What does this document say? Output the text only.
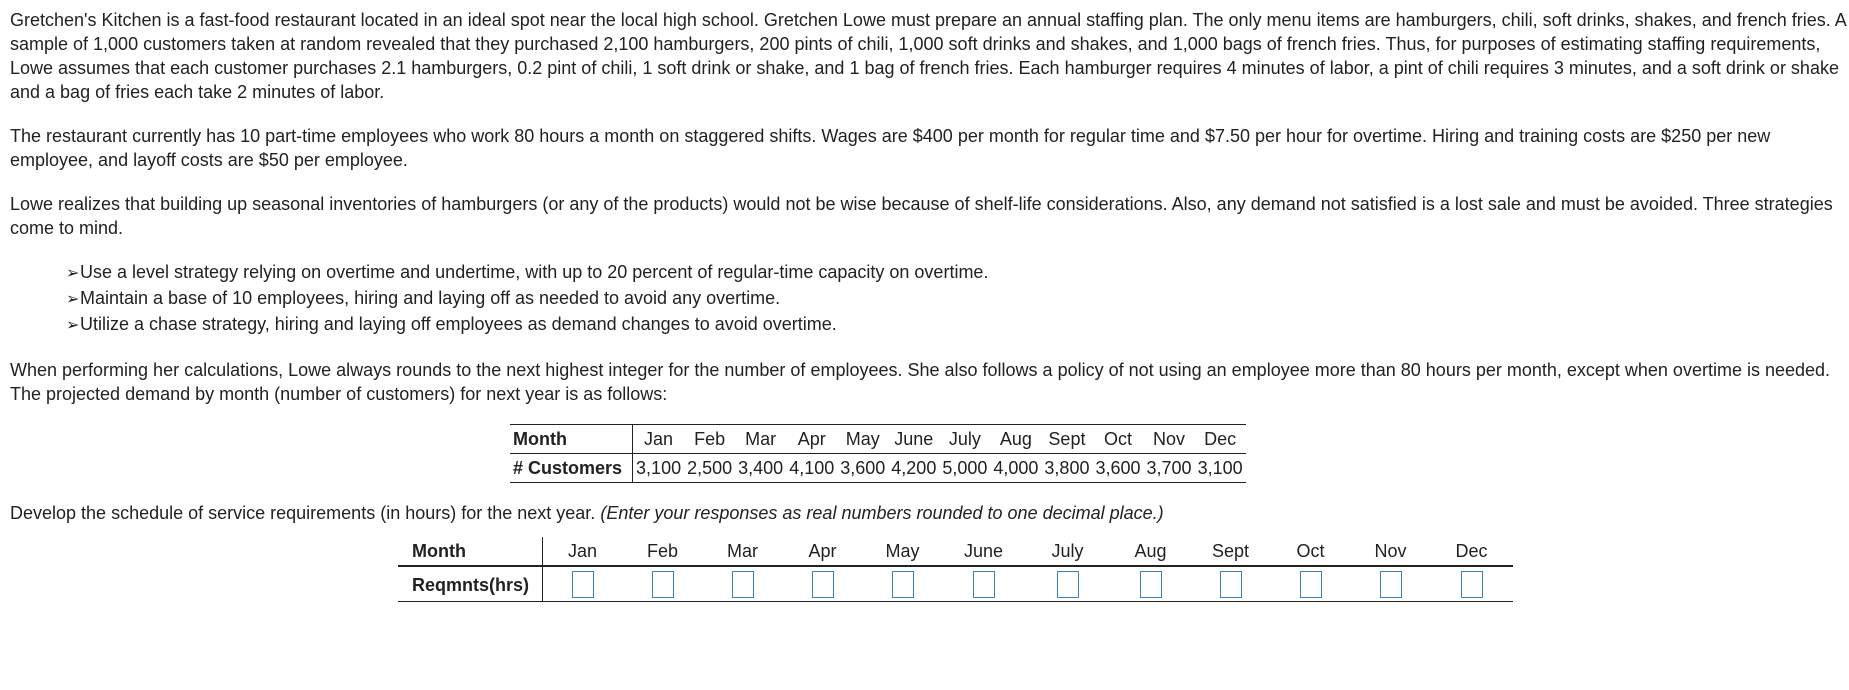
Gretchen's Kitchen is a fast-food restaurant located in an ideal spot near the local high school. Gretchen Lowe must prepare an annual staffing plan. The only menu items are hamburgers, chili, soft drinks, shakes, and french fries. A sample of 1,000 customers taken at random revealed that they purchased 2,100 hamburgers, 200 pints of chili, 1,000 soft drinks and shakes, and 1,000 bags of french fries. Thus, for purposes of estimating staffing requirements, Lowe assumes that each customer purchases 2.1 hamburgers, 0.2 pint of chili, 1 soft drink or shake, and 1 bag of french fries. Each hamburger requires 4 minutes of labor, a pint of chili requires 3 minutes, and a soft drink or shake and a bag of fries each take 2 minutes of labor.

The restaurant currently has 10 part-time employees who work 80 hours a month on staggered shifts. Wages are $400 per month for regular time and $7.50 per hour for overtime. Hiring and training costs are $250 per new employee, and layoff costs are $50 per employee.

Lowe realizes that building up seasonal inventories of hamburgers (or any of the products) would not be wise because of shelf-life considerations. Also, any demand not satisfied is a lost sale and must be avoided. Three strategies come to mind.

➢Use a level strategy relying on overtime and undertime, with up to 20 percent of regular-time capacity on overtime.
➢Maintain a base of 10 employees, hiring and laying off as needed to avoid any overtime.
➢Utilize a chase strategy, hiring and laying off employees as demand changes to avoid overtime.

When performing her calculations, Lowe always rounds to the next highest integer for the number of employees. She also follows a policy of not using an employee more than 80 hours per month, except when overtime is needed. The projected demand by month (number of customers) for next year is as follows:

Month	Jan	Feb	Mar	Apr	May	June	July	Aug	Sept	Oct	Nov	Dec
# Customers	3,100	2,500	3,400	4,100	3,600	4,200	5,000	4,000	3,800	3,600	3,700	3,100

Develop the schedule of service requirements (in hours) for the next year. (Enter your responses as real numbers rounded to one decimal place.)

Month	Jan	Feb	Mar	Apr	May	June	July	Aug	Sept	Oct	Nov	Dec
Reqmnts(hrs)												
